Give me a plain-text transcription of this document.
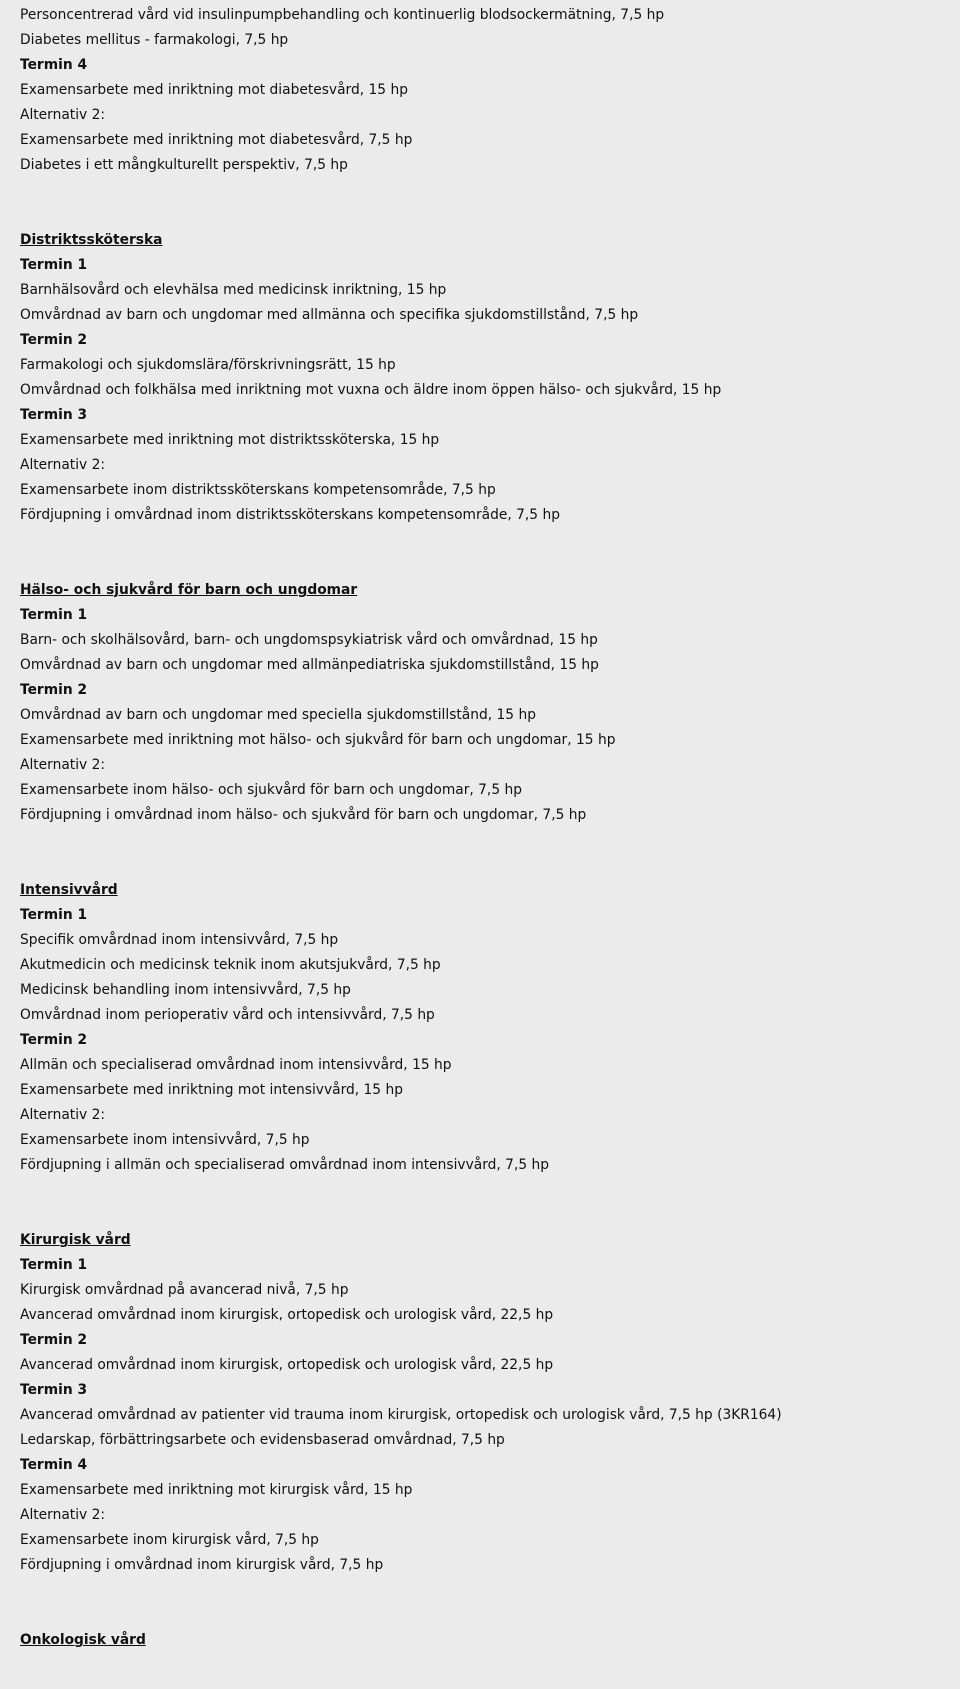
Personcentrerad vård vid insulinpumpbehandling och kontinuerlig blodsockermätning, 7,5 hp
Diabetes mellitus - farmakologi, 7,5 hp
Termin 4
Examensarbete med inriktning mot diabetesvård, 15 hp
Alternativ 2:
Examensarbete med inriktning mot diabetesvård, 7,5 hp
Diabetes i ett mångkulturellt perspektiv, 7,5 hp
Distriktssköterska
Termin 1
Barnhälsovård och elevhälsa med medicinsk inriktning, 15 hp
Omvårdnad av barn och ungdomar med allmänna och specifika sjukdomstillstånd, 7,5 hp
Termin 2
Farmakologi och sjukdomslära/förskrivningsrätt, 15 hp
Omvårdnad och folkhälsa med inriktning mot vuxna och äldre inom öppen hälso- och sjukvård, 15 hp
Termin 3
Examensarbete med inriktning mot distriktssköterska, 15 hp
Alternativ 2:
Examensarbete inom distriktssköterskans kompetensområde, 7,5 hp
Fördjupning i omvårdnad inom distriktssköterskans kompetensområde, 7,5 hp
Hälso- och sjukvård för barn och ungdomar
Termin 1
Barn- och skolhälsovård, barn- och ungdomspsykiatrisk vård och omvårdnad, 15 hp
Omvårdnad av barn och ungdomar med allmänpediatriska sjukdomstillstånd, 15 hp
Termin 2
Omvårdnad av barn och ungdomar med speciella sjukdomstillstånd, 15 hp
Examensarbete med inriktning mot hälso- och sjukvård för barn och ungdomar, 15 hp
Alternativ 2:
Examensarbete inom hälso- och sjukvård för barn och ungdomar, 7,5 hp
Fördjupning i omvårdnad inom hälso- och sjukvård för barn och ungdomar, 7,5 hp
Intensivvård
Termin 1
Specifik omvårdnad inom intensivvård, 7,5 hp
Akutmedicin och medicinsk teknik inom akutsjukvård, 7,5 hp
Medicinsk behandling inom intensivvård, 7,5 hp
Omvårdnad inom perioperativ vård och intensivvård, 7,5 hp
Termin 2
Allmän och specialiserad omvårdnad inom intensivvård, 15 hp
Examensarbete med inriktning mot intensivvård, 15 hp
Alternativ 2:
Examensarbete inom intensivvård, 7,5 hp
Fördjupning i allmän och specialiserad omvårdnad inom intensivvård, 7,5 hp
Kirurgisk vård
Termin 1
Kirurgisk omvårdnad på avancerad nivå, 7,5 hp
Avancerad omvårdnad inom kirurgisk, ortopedisk och urologisk vård, 22,5 hp
Termin 2
Avancerad omvårdnad inom kirurgisk, ortopedisk och urologisk vård, 22,5 hp
Termin 3
Avancerad omvårdnad av patienter vid trauma inom kirurgisk, ortopedisk och urologisk vård, 7,5 hp (3KR164)
Ledarskap, förbättringsarbete och evidensbaserad omvårdnad, 7,5 hp
Termin 4
Examensarbete med inriktning mot kirurgisk vård, 15 hp
Alternativ 2:
Examensarbete inom kirurgisk vård, 7,5 hp
Fördjupning i omvårdnad inom kirurgisk vård, 7,5 hp
Onkologisk vård
